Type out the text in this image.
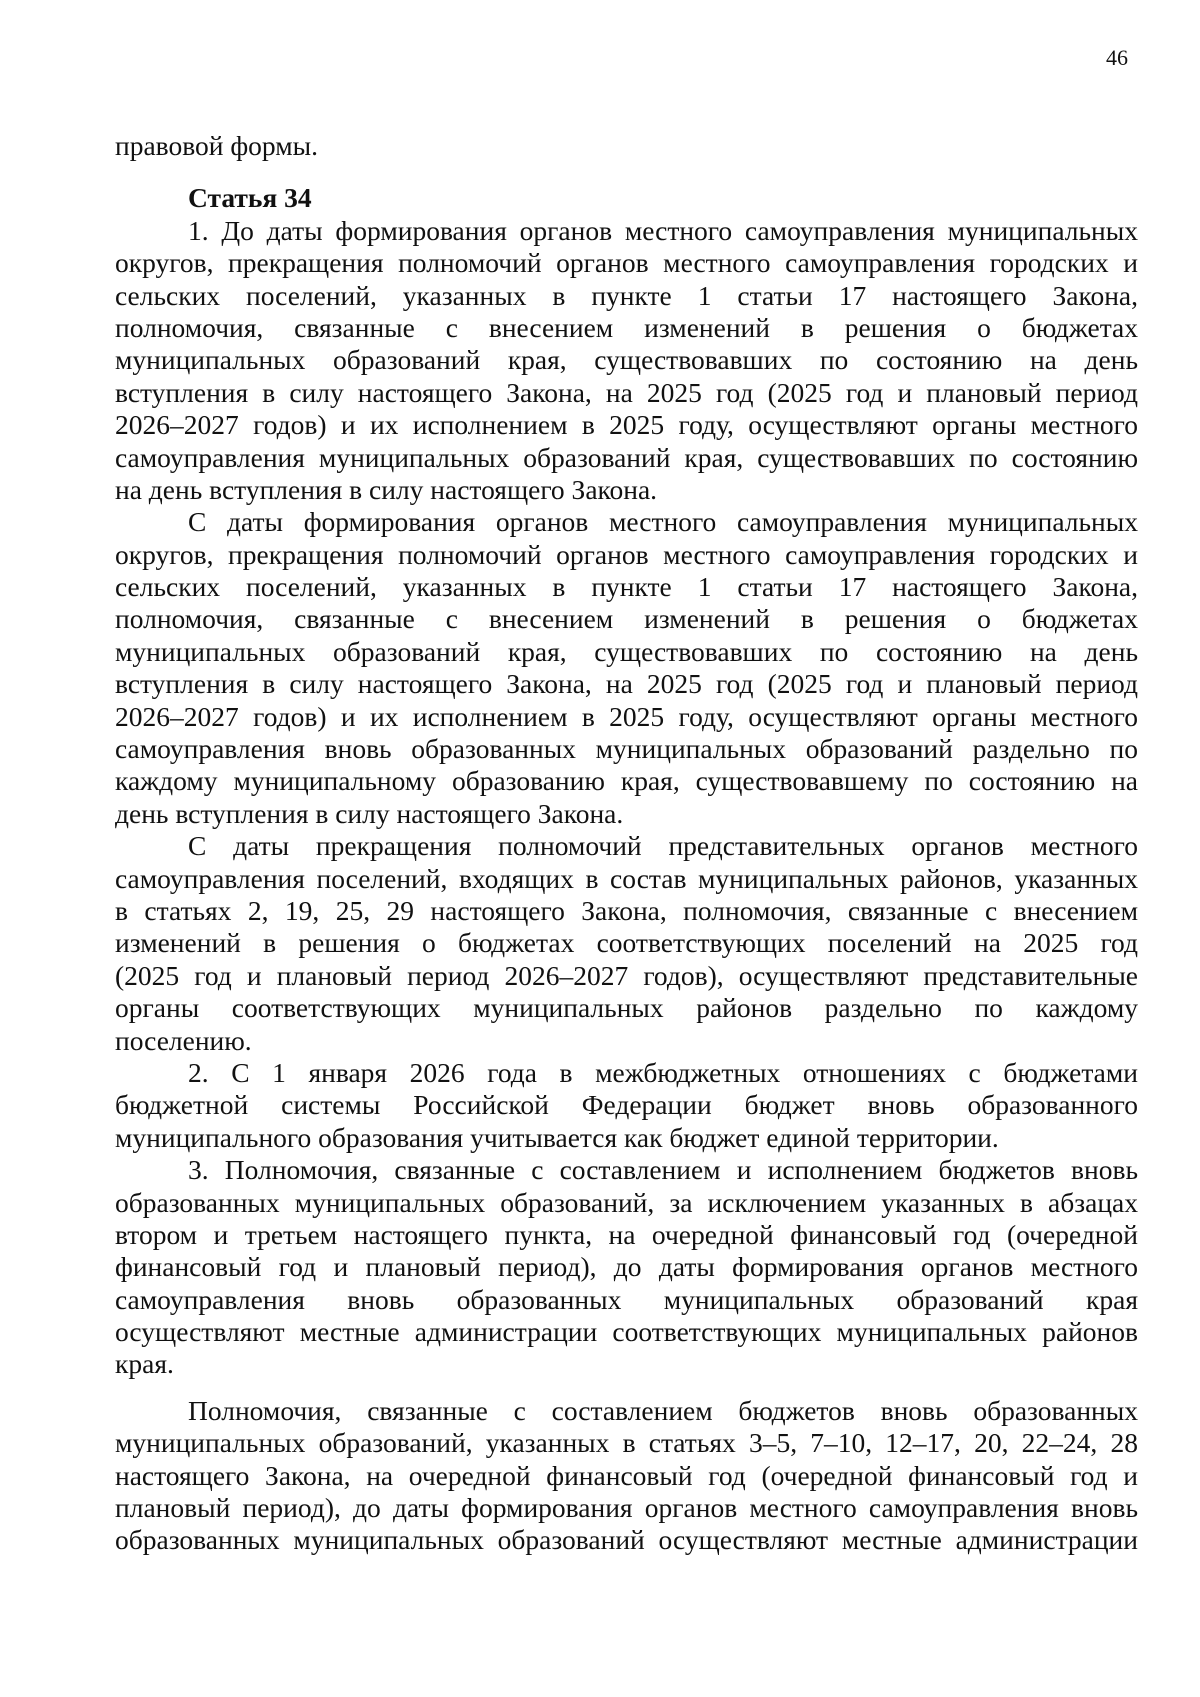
46
правовой формы.
Статья 34
1. До даты формирования органов местного самоуправления муниципальных
округов, прекращения полномочий органов местного самоуправления городских и
сельских поселений, указанных в пункте 1 статьи 17 настоящего Закона,
полномочия, связанные с внесением изменений в решения о бюджетах
муниципальных образований края, существовавших по состоянию на день
вступления в силу настоящего Закона, на 2025 год (2025 год и плановый период
2026–2027 годов) и их исполнением в 2025 году, осуществляют органы местного
самоуправления муниципальных образований края, существовавших по состоянию
на день вступления в силу настоящего Закона.
С даты формирования органов местного самоуправления муниципальных
округов, прекращения полномочий органов местного самоуправления городских и
сельских поселений, указанных в пункте 1 статьи 17 настоящего Закона,
полномочия, связанные с внесением изменений в решения о бюджетах
муниципальных образований края, существовавших по состоянию на день
вступления в силу настоящего Закона, на 2025 год (2025 год и плановый период
2026–2027 годов) и их исполнением в 2025 году, осуществляют органы местного
самоуправления вновь образованных муниципальных образований раздельно по
каждому муниципальному образованию края, существовавшему по состоянию на
день вступления в силу настоящего Закона.
С даты прекращения полномочий представительных органов местного
самоуправления поселений, входящих в состав муниципальных районов, указанных
в статьях 2, 19, 25, 29 настоящего Закона, полномочия, связанные с внесением
изменений в решения о бюджетах соответствующих поселений на 2025 год
(2025 год и плановый период 2026–2027 годов), осуществляют представительные
органы соответствующих муниципальных районов раздельно по каждому
поселению.
2. С 1 января 2026 года в межбюджетных отношениях с бюджетами
бюджетной системы Российской Федерации бюджет вновь образованного
муниципального образования учитывается как бюджет единой территории.
3. Полномочия, связанные с составлением и исполнением бюджетов вновь
образованных муниципальных образований, за исключением указанных в абзацах
втором и третьем настоящего пункта, на очередной финансовый год (очередной
финансовый год и плановый период), до даты формирования органов местного
самоуправления вновь образованных муниципальных образований края
осуществляют местные администрации соответствующих муниципальных районов
края.
Полномочия, связанные с составлением бюджетов вновь образованных
муниципальных образований, указанных в статьях 3–5, 7–10, 12–17, 20, 22–24, 28
настоящего Закона, на очередной финансовый год (очередной финансовый год и
плановый период), до даты формирования органов местного самоуправления вновь
образованных муниципальных образований осуществляют местные администрации
